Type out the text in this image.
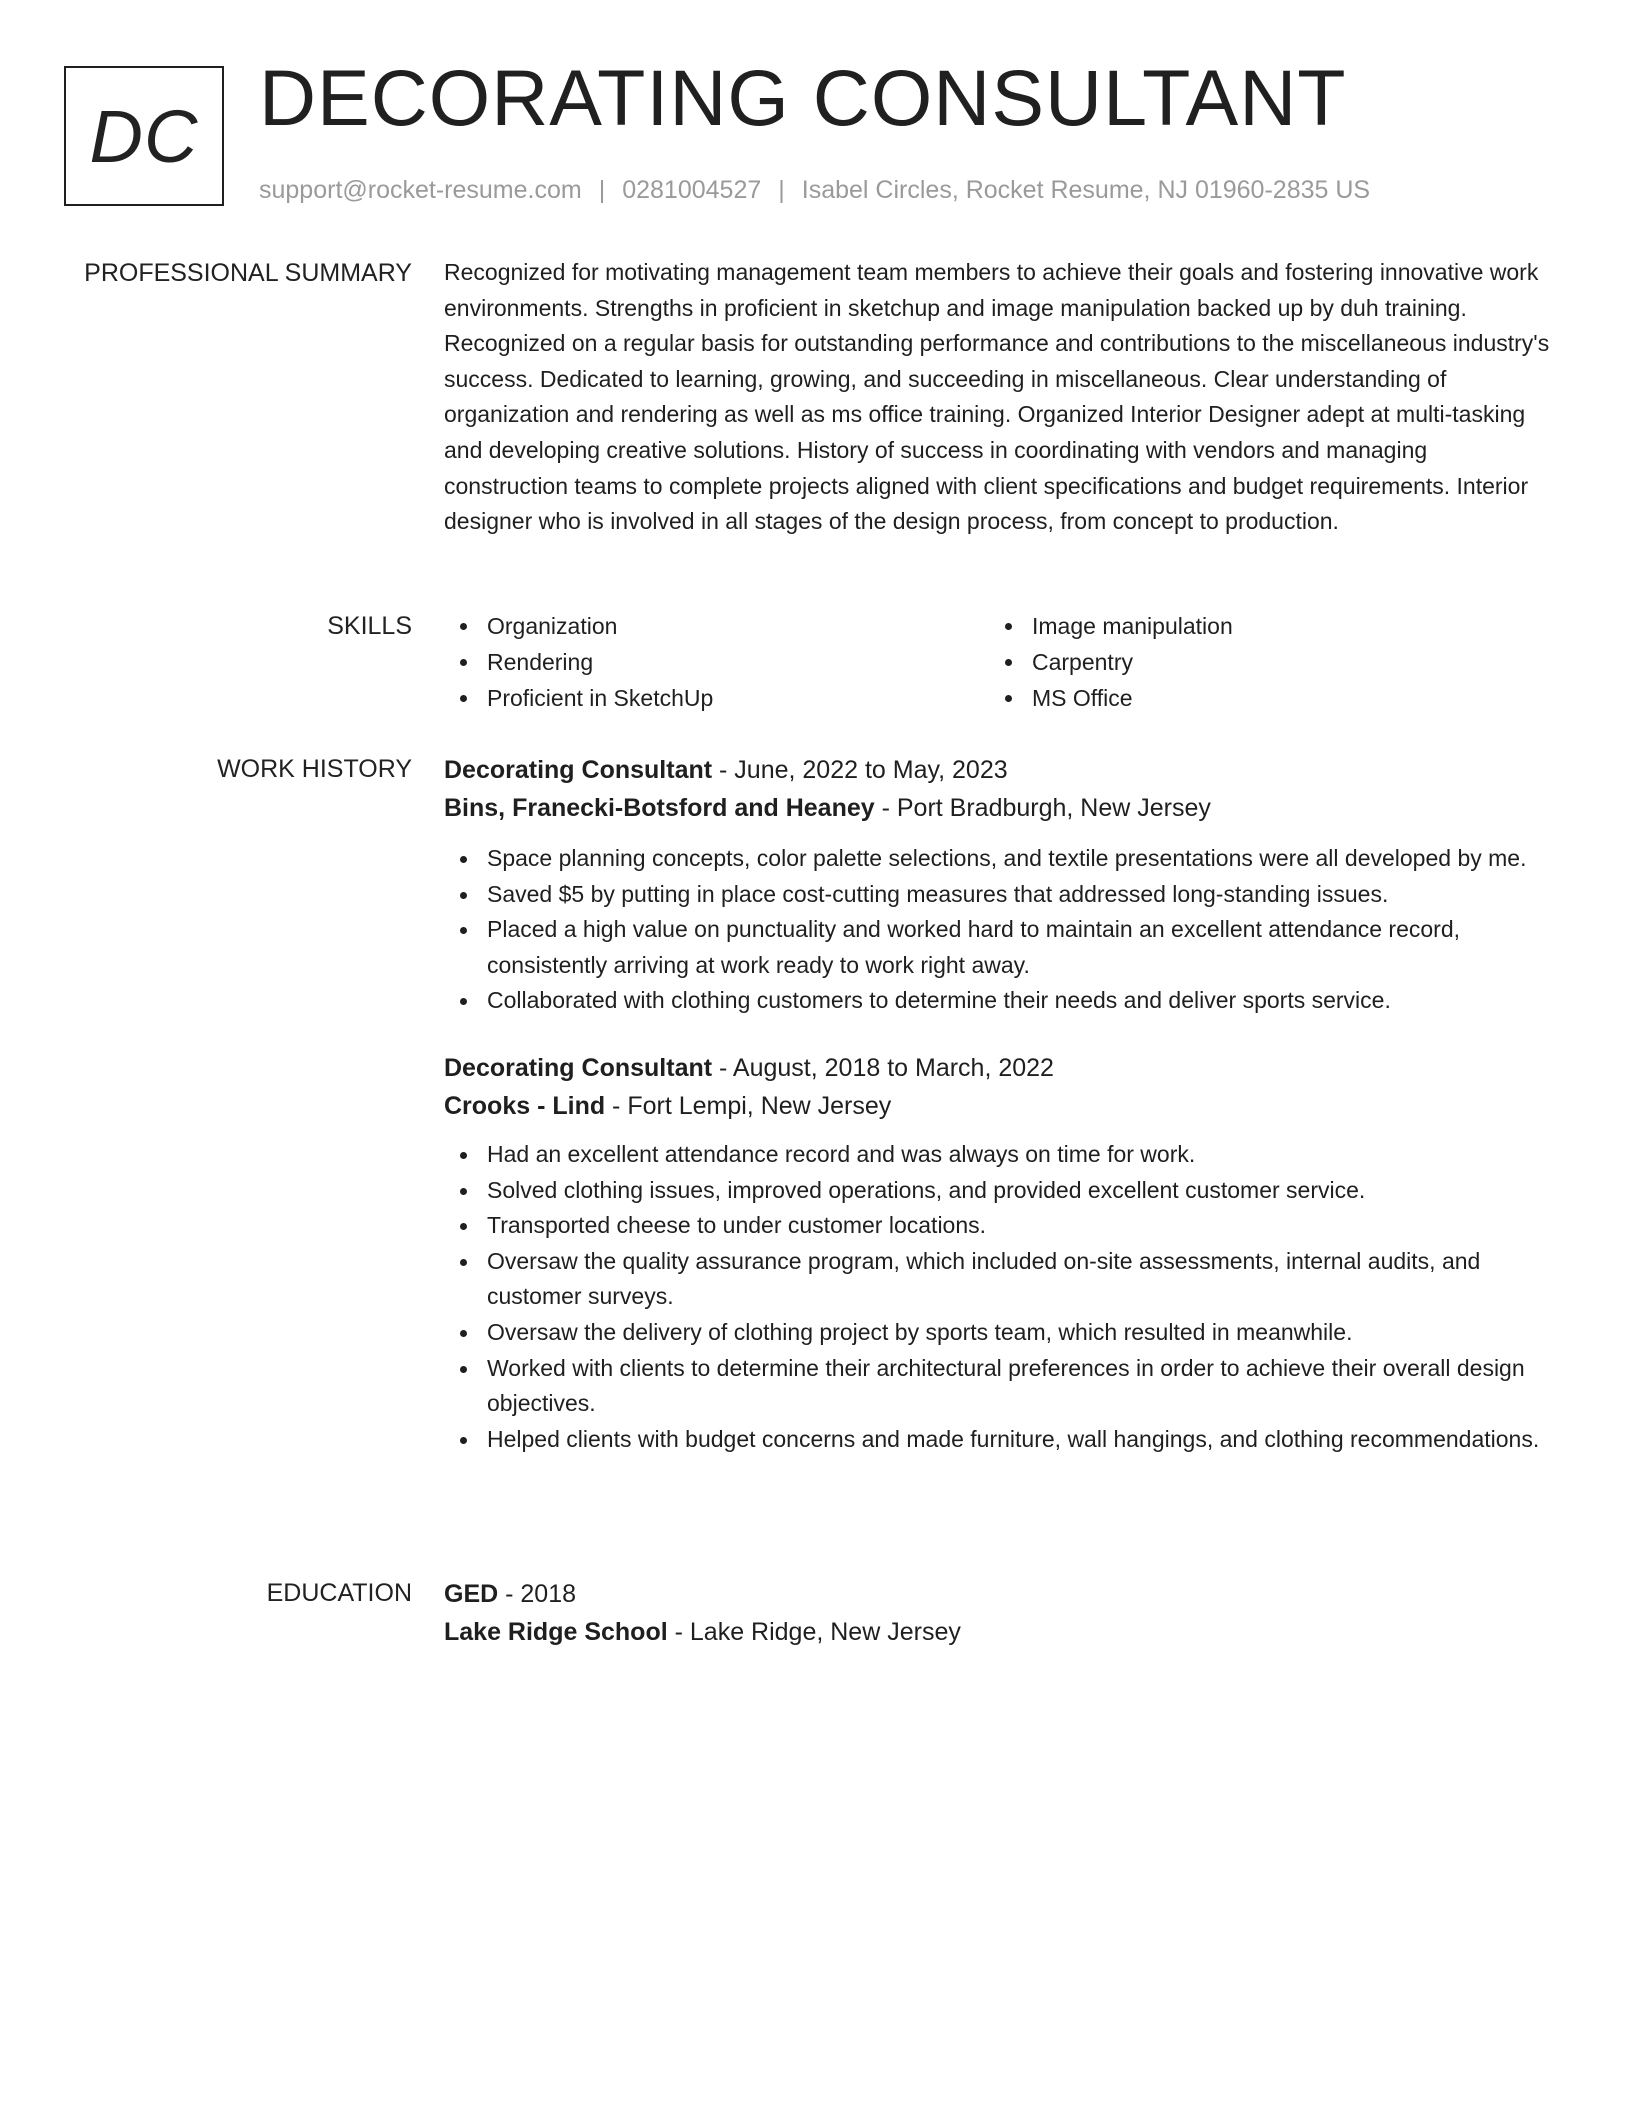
DC DECORATING CONSULTANT
support@rocket-resume.com | 0281004527 | Isabel Circles, Rocket Resume, NJ 01960-2835 US
PROFESSIONAL SUMMARY Recognized for motivating management team members to achieve their goals and fostering innovative work environments. Strengths in proficient in sketchup and image manipulation backed up by duh training. Recognized on a regular basis for outstanding performance and contributions to the miscellaneous industry's success. Dedicated to learning, growing, and succeeding in miscellaneous. Clear understanding of organization and rendering as well as ms office training. Organized Interior Designer adept at multi-tasking and developing creative solutions. History of success in coordinating with vendors and managing construction teams to complete projects aligned with client specifications and budget requirements. Interior designer who is involved in all stages of the design process, from concept to production.

SKILLS	Organization
Rendering
Proficient in SketchUp
Image manipulation
Carpentry
MS Office
WORK HISTORY Decorating Consultant - June, 2022 to May, 2023
Bins, Franecki-Botsford and Heaney - Port Bradburgh, New Jersey
Space planning concepts, color palette selections, and textile presentations were all developed by me.
Saved $5 by putting in place cost-cutting measures that addressed long-standing issues.
Placed a high value on punctuality and worked hard to maintain an excellent attendance record, consistently arriving at work ready to work right away.
Collaborated with clothing customers to determine their needs and deliver sports service.
Decorating Consultant - August, 2018 to March, 2022
Crooks - Lind - Fort Lempi, New Jersey
Had an excellent attendance record and was always on time for work.
Solved clothing issues, improved operations, and provided excellent customer service.
Transported cheese to under customer locations.
Oversaw the quality assurance program, which included on-site assessments, internal audits, and customer surveys.
Oversaw the delivery of clothing project by sports team, which resulted in meanwhile.
Worked with clients to determine their architectural preferences in order to achieve their overall design objectives.
Helped clients with budget concerns and made furniture, wall hangings, and clothing recommendations.
EDUCATION GED - 2018
Lake Ridge School - Lake Ridge, New Jersey
